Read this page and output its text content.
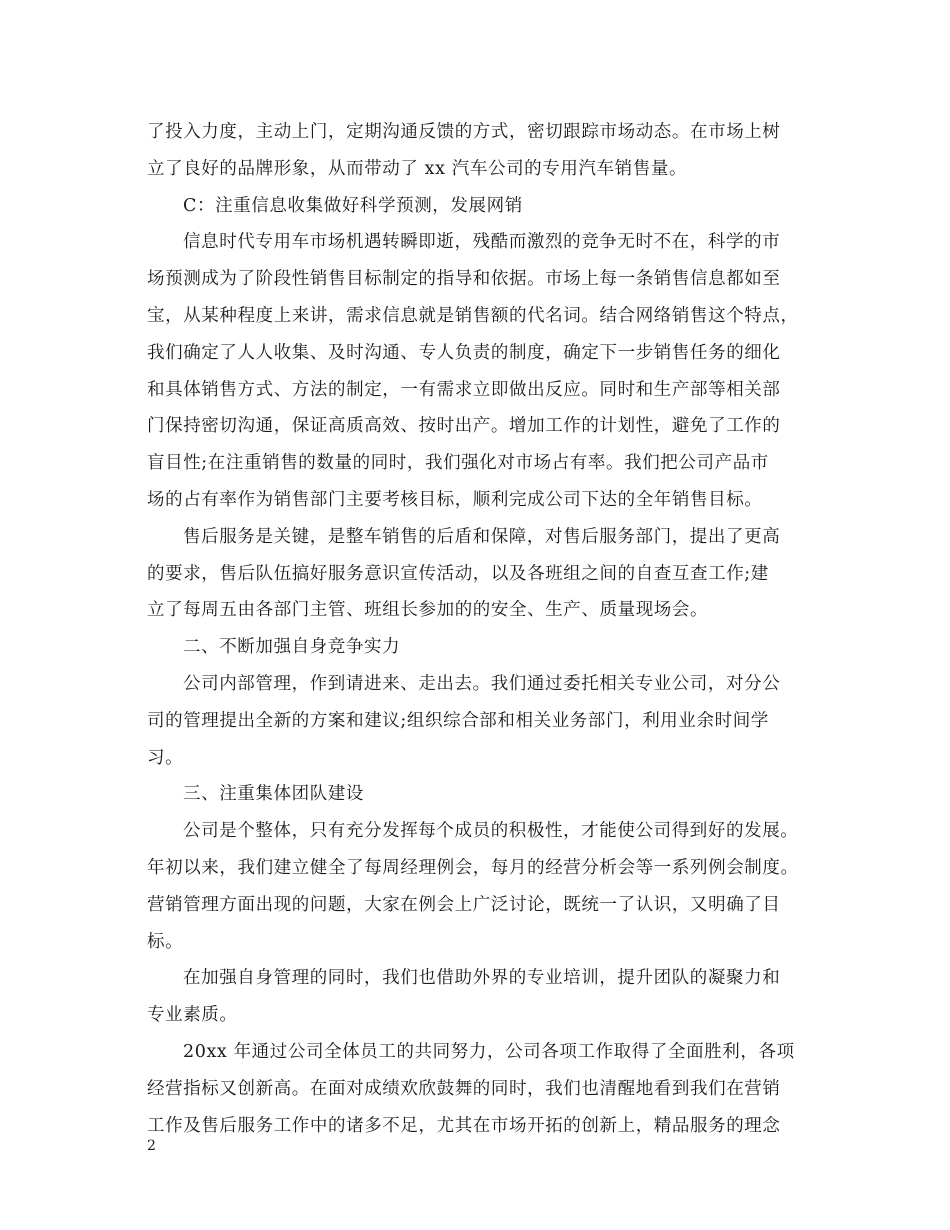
了投入力度，主动上门，定期沟通反馈的方式，密切跟踪市场动态。在市场上树
立了良好的品牌形象，从而带动了 xx 汽车公司的专用汽车销售量。
C：注重信息收集做好科学预测，发展网销
信息时代专用车市场机遇转瞬即逝，残酷而激烈的竞争无时不在，科学的市
场预测成为了阶段性销售目标制定的指导和依据。市场上每一条销售信息都如至
宝，从某种程度上来讲，需求信息就是销售额的代名词。结合网络销售这个特点，
我们确定了人人收集、及时沟通、专人负责的制度，确定下一步销售任务的细化
和具体销售方式、方法的制定，一有需求立即做出反应。同时和生产部等相关部
门保持密切沟通，保证高质高效、按时出产。增加工作的计划性，避免了工作的
盲目性;在注重销售的数量的同时，我们强化对市场占有率。我们把公司产品市
场的占有率作为销售部门主要考核目标，顺利完成公司下达的全年销售目标。
售后服务是关键，是整车销售的后盾和保障，对售后服务部门，提出了更高
的要求，售后队伍搞好服务意识宣传活动，以及各班组之间的自查互查工作;建
立了每周五由各部门主管、班组长参加的的安全、生产、质量现场会。
二、不断加强自身竞争实力
公司内部管理，作到请进来、走出去。我们通过委托相关专业公司，对分公
司的管理提出全新的方案和建议;组织综合部和相关业务部门，利用业余时间学
习。
三、注重集体团队建设
公司是个整体，只有充分发挥每个成员的积极性，才能使公司得到好的发展。
年初以来，我们建立健全了每周经理例会，每月的经营分析会等一系列例会制度。
营销管理方面出现的问题，大家在例会上广泛讨论，既统一了认识，又明确了目
标。
在加强自身管理的同时，我们也借助外界的专业培训，提升团队的凝聚力和
专业素质。
20xx 年通过公司全体员工的共同努力，公司各项工作取得了全面胜利，各项
经营指标又创新高。在面对成绩欢欣鼓舞的同时，我们也清醒地看到我们在营销
工作及售后服务工作中的诸多不足，尤其在市场开拓的创新上，精品服务的理念
2
